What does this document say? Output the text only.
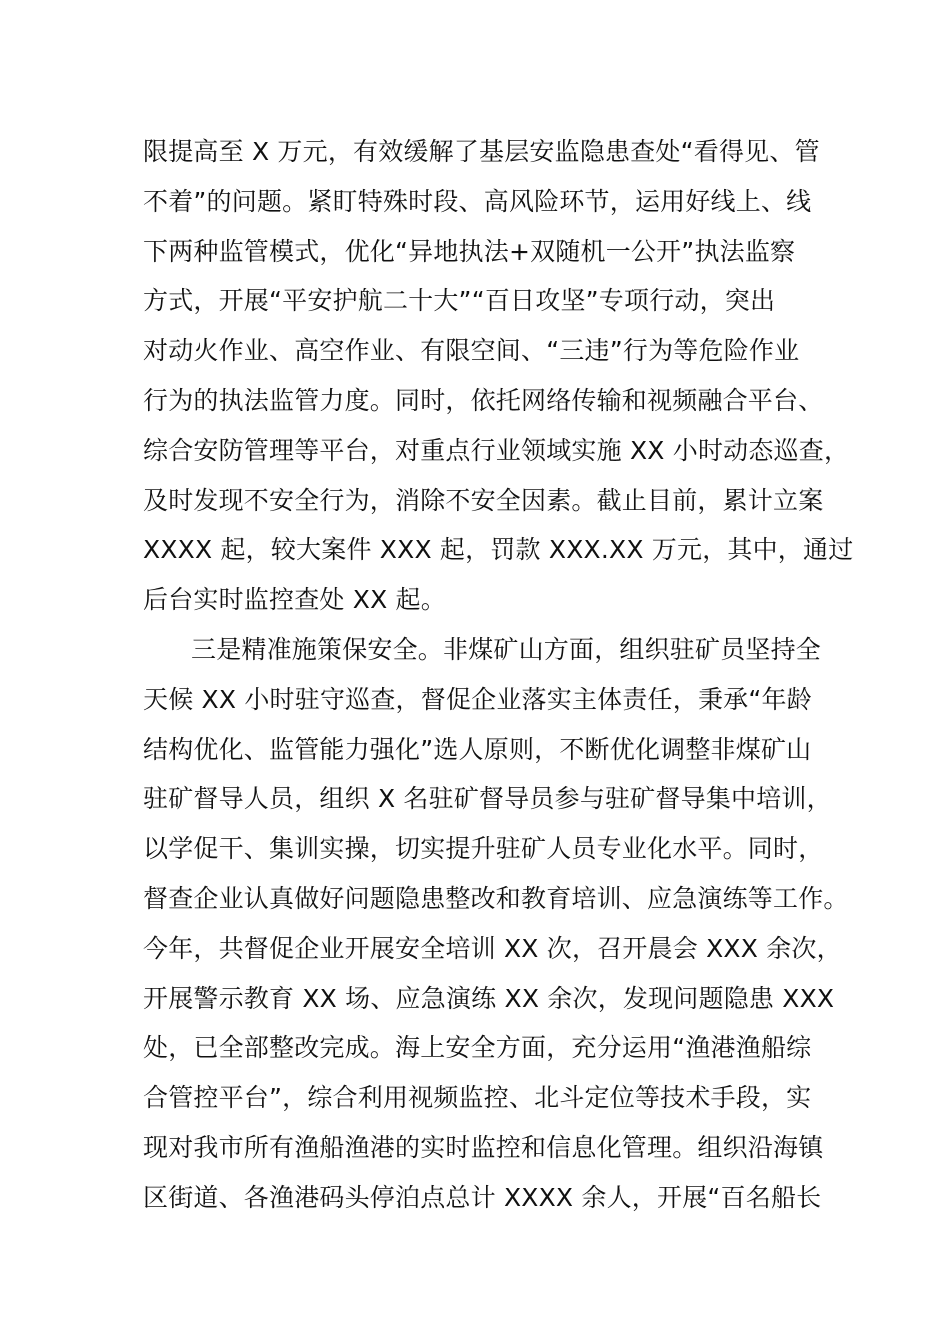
限提高至 X 万元，有效缓解了基层安监隐患查处“看得见、管
不着”的问题。紧盯特殊时段、高风险环节，运用好线上、线
下两种监管模式，优化“异地执法+双随机一公开”执法监察
方式，开展“平安护航二十大”“百日攻坚”专项行动，突出
对动火作业、高空作业、有限空间、“三违”行为等危险作业
行为的执法监管力度。同时，依托网络传输和视频融合平台、
综合安防管理等平台，对重点行业领域实施 XX 小时动态巡查，
及时发现不安全行为，消除不安全因素。截止目前，累计立案
XXXX 起，较大案件 XXX 起，罚款 XXX.XX 万元，其中，通过
后台实时监控查处 XX 起。
三是精准施策保安全。非煤矿山方面，组织驻矿员坚持全
天候 XX 小时驻守巡查，督促企业落实主体责任，秉承“年龄
结构优化、监管能力强化”选人原则，不断优化调整非煤矿山
驻矿督导人员，组织 X 名驻矿督导员参与驻矿督导集中培训，
以学促干、集训实操，切实提升驻矿人员专业化水平。同时，
督查企业认真做好问题隐患整改和教育培训、应急演练等工作。
今年，共督促企业开展安全培训 XX 次，召开晨会 XXX 余次，
开展警示教育 XX 场、应急演练 XX 余次，发现问题隐患 XXX
处，已全部整改完成。海上安全方面，充分运用“渔港渔船综
合管控平台”，综合利用视频监控、北斗定位等技术手段，实
现对我市所有渔船渔港的实时监控和信息化管理。组织沿海镇
区街道、各渔港码头停泊点总计 XXXX 余人，开展“百名船长
